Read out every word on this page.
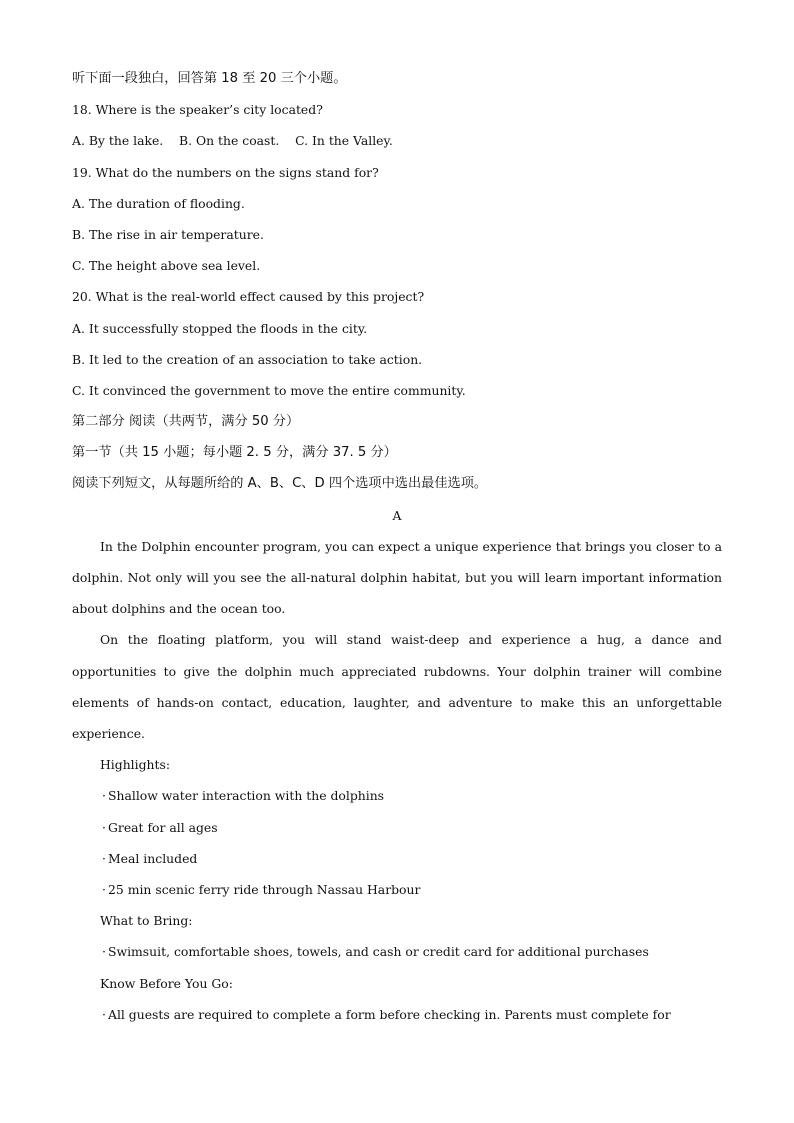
听下面一段独白，回答第 18 至 20 三个小题。
18. Where is the speaker’s city located?
A. By the lake.    B. On the coast.    C. In the Valley.
19. What do the numbers on the signs stand for?
A. The duration of flooding.
B. The rise in air temperature.
C. The height above sea level.
20. What is the real-world effect caused by this project?
A. It successfully stopped the floods in the city.
B. It led to the creation of an association to take action.
C. It convinced the government to move the entire community.
第二部分 阅读（共两节，满分 50 分）
第一节（共 15 小题；每小题 2. 5 分，满分 37. 5 分）
阅读下列短文，从每题所给的 A、B、C、D 四个选项中选出最佳选项。
A
In the Dolphin encounter program, you can expect a unique experience that brings you closer to a dolphin. Not only will you see the all-natural dolphin habitat, but you will learn important information about dolphins and the ocean too.
On the floating platform, you will stand waist-deep and experience a hug, a dance and opportunities to give the dolphin much appreciated rubdowns. Your dolphin trainer will combine elements of hands-on contact, education, laughter, and adventure to make this an unforgettable experience.
Highlights:
· Shallow water interaction with the dolphins
· Great for all ages
· Meal included
· 25 min scenic ferry ride through Nassau Harbour
What to Bring:
· Swimsuit, comfortable shoes, towels, and cash or credit card for additional purchases
Know Before You Go:
· All guests are required to complete a form before checking in. Parents must complete for
